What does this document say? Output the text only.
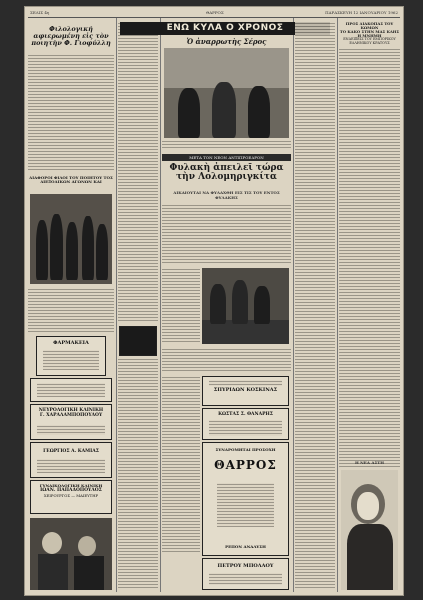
ΣΕΛΙΣ 4η	ΘΑΡΡΟΣ	ΠΑΡΑΣΚΕΥΗ 12 ΙΑΝΟΥΑΡΙΟΥ 1962
Φιλολογική αφιερωμένη εἰς τὸν ποιητὴν Φ. Γιοφύλλη
ΔΙΑΦΟΡΟΙ ΦΙΛΟΙ ΤΟΥ ΠΟΙΗΤΟΥ ΤΟΣ ΔΙΕΞΟΔΙΚΩΝ ΑΓΩΝΩΝ ΚΑΙ
ΦΑΡΜΑΚΕΙΑ
ΝΕΥΡΟΛΟΓΙΚΗ ΚΛΙΝΙΚΗ
Γ. ΧΑΡΑΛΑΜΠΟΠΟΥΛΟΥ
ΓΕΩΡΓΙΟΣ Α. ΚΑΜΙΑΣ
ΓΥΝΑΙΚΟΛΟΓΙΚΗ ΚΛΙΝΙΚΗ
ΙΩΑΝ. ΠΑΠΑΔΟΠΟΥΛΟΣ
ΧΕΙΡΟΥΡΓΟΣ — ΜΑΙΕΥΤΗΡ
ΕΝΩ ΚΥΛΑ Ο ΧΡΟΝΟΣ
Ὁ ἀναρρωτὴς Σέρος
ΜΕΤΑ ΤΟΝ ΝΕΟΝ ΑΝΤΙΠΡΟΕΔΡΟΝ
Φυλακὴ ἀπειλεῖ τώρα τὴν Λολομηριγκίτα
ΔΙΚΑΙΟΥΤΑΙ ΝΑ ΦΥΛΑΧΘΗ ΕΙΣ ΤΙΣ ΤΟΥ ΕΝΤΟΣ ΦΥΛΑΚΗΣ
ΣΠΥΡΙΔΩΝ ΚΟΣΚΙΝΑΣ
ΚΩΣΤΑΣ Σ. ΘΑΝΑΡΗΣ
ΣΥΝΔΡΟΜΗΤΑΙ ΠΡΟΣΟΧΗ
ΘΑΡΡΟΣ
ΡΕΠΟΝ ΑΝΑΛΥΣΗ
ΠΕΤΡΟΥ ΜΠΟΛΑΟΥ
ΠΡΟΣ ΔΙΑΚΟΠΑΣ ΤΟΥ ΚΩΜΩΝ
ΤΟ ΚΑΚΟ ΣΤΗΝ ΜΑΣ ΚΛΗΣ Η ΜΝΗΜΗ
ΕΝΔΕΙΞΕΙΣ ΤΟΥ ΕΜΠΟΡΙΚΟΥ ΕΛΛΗΝΙΚΟΥ ΚΡΑΤΟΥΣ
Η ΝΕΑ ΑΣΤΗ
